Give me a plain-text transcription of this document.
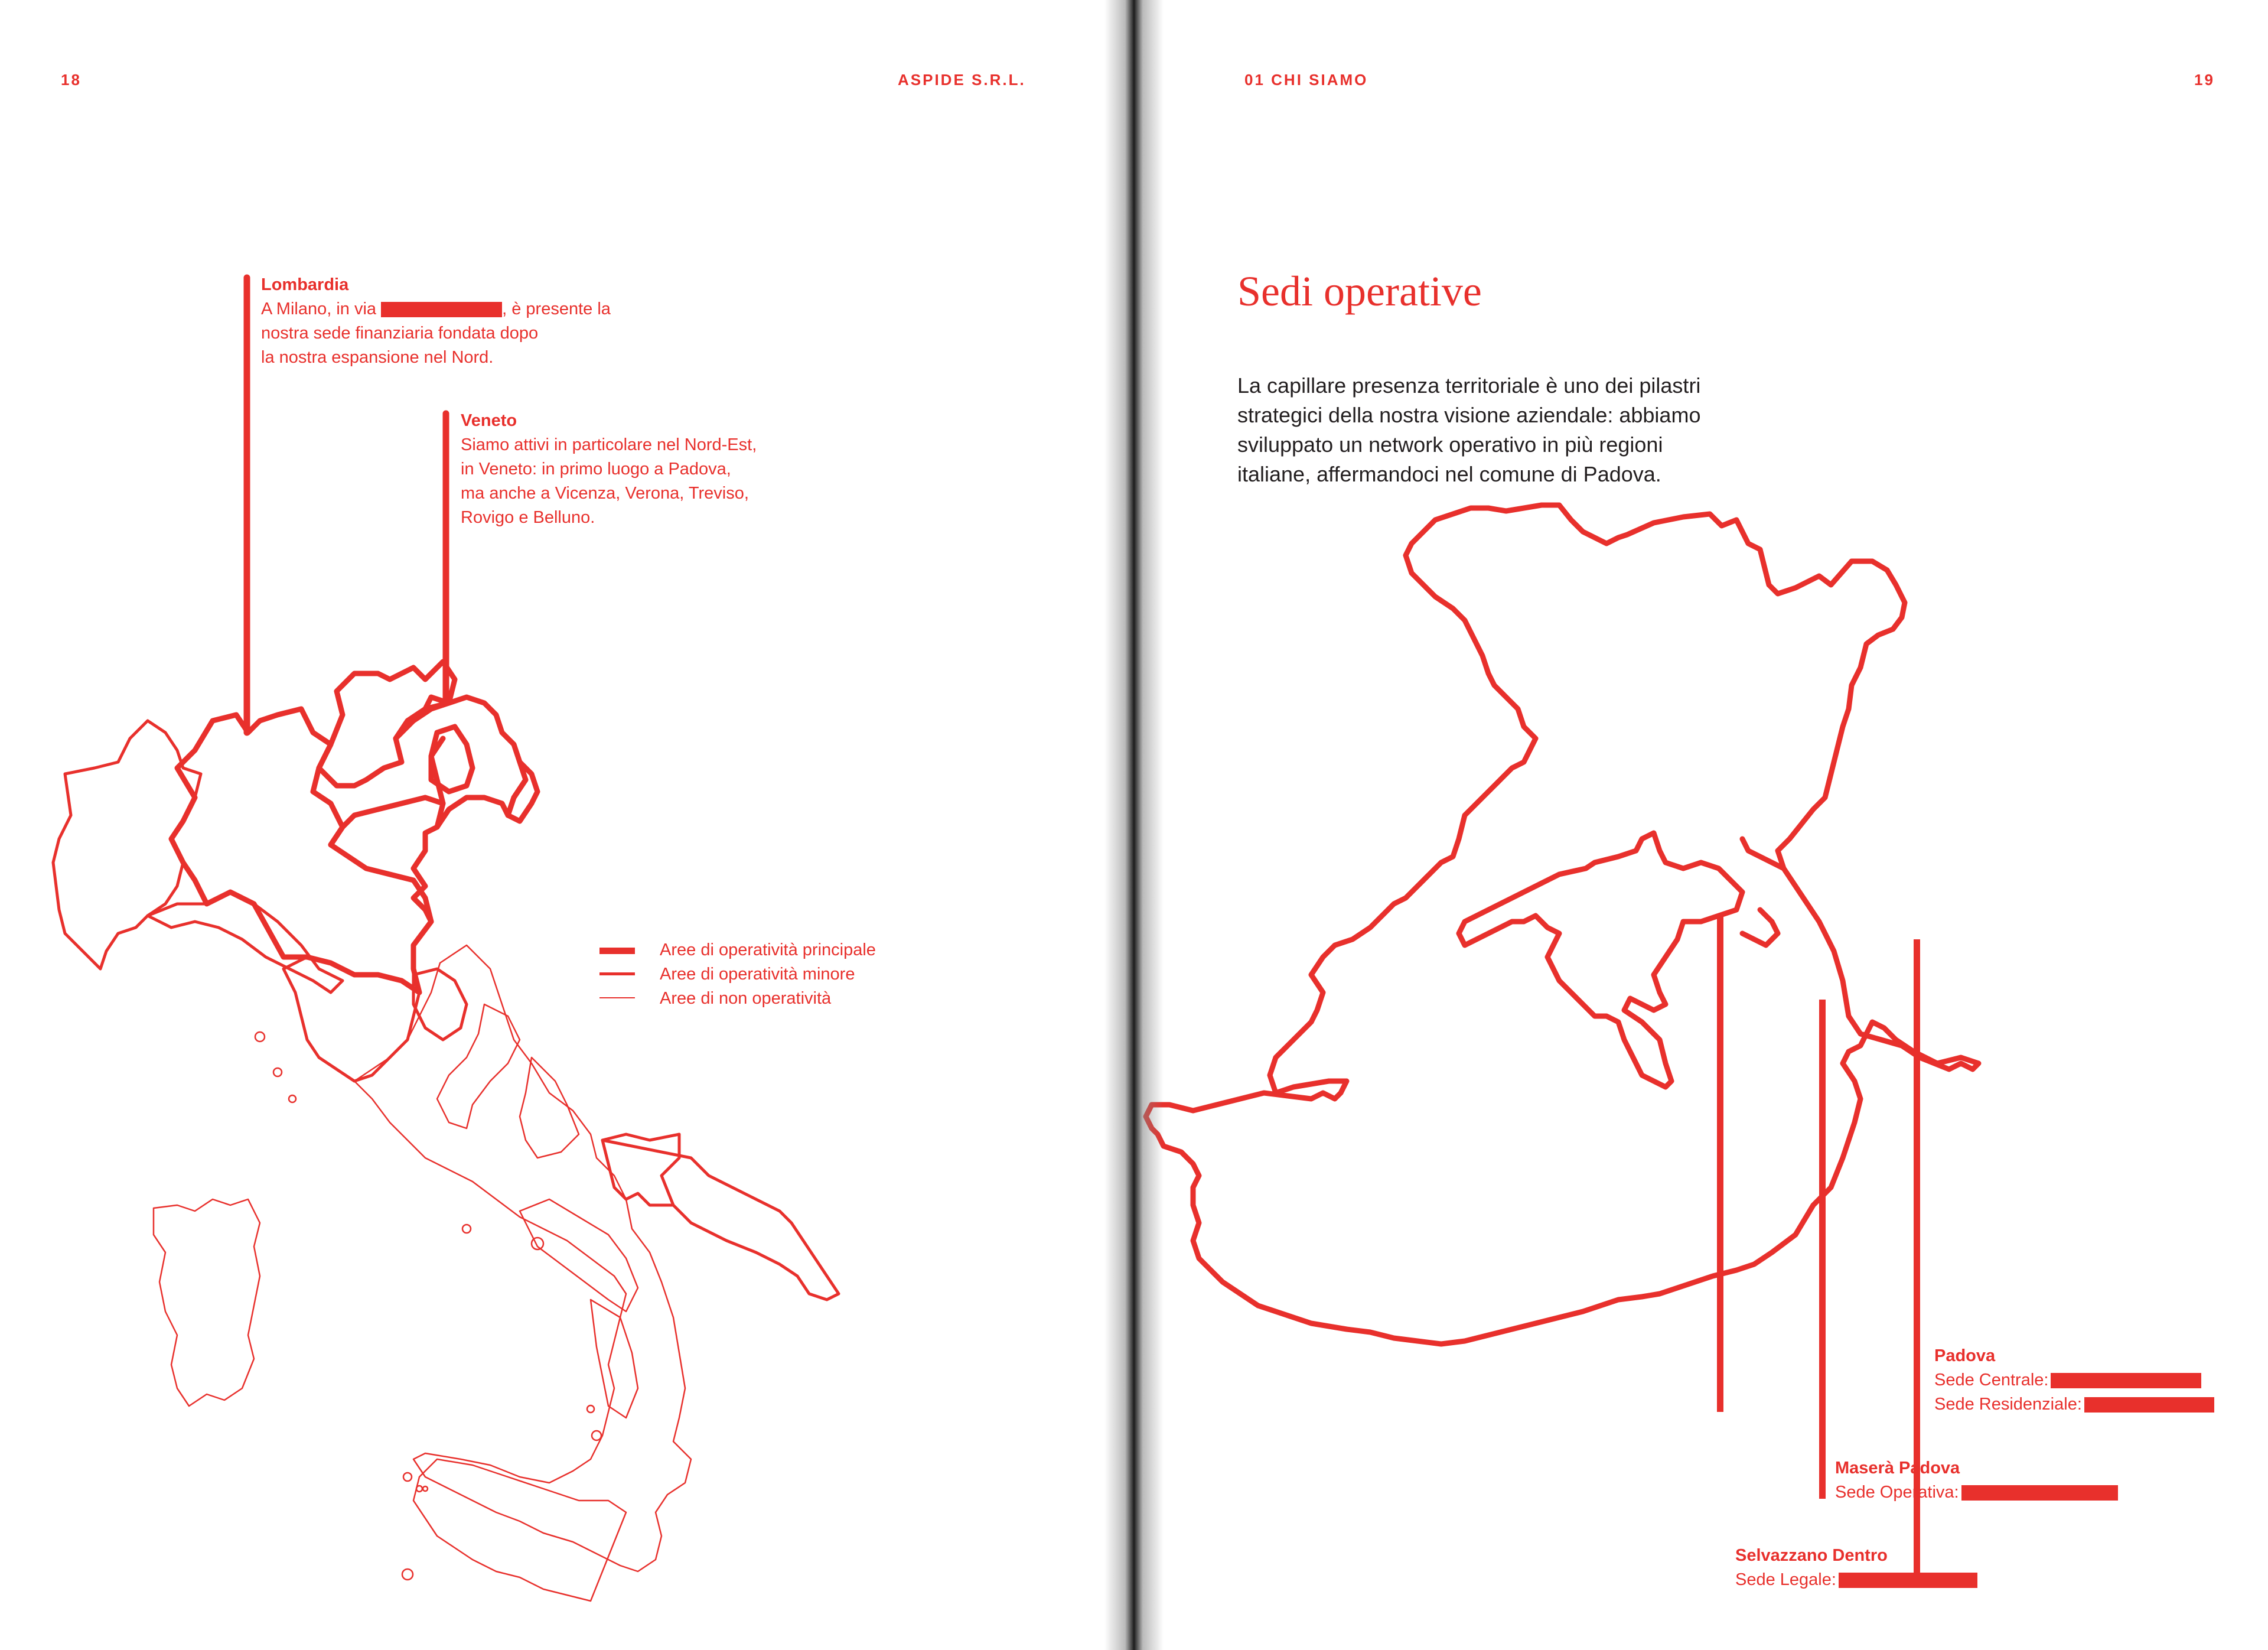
18	ASPIDE S.R.L.
Lombardia
A Milano, in via	, è presente la
nostra sede finanziaria fondata dopo
la nostra espansione nel Nord.
Veneto
Siamo attivi in particolare nel Nord-Est,
in Veneto: in primo luogo a Padova,
ma anche a Vicenza, Verona, Treviso,
Rovigo e Belluno.
Aree di operatività principale
Aree di operatività minore
Aree di non operatività
01 CHI SIAMO	19
Sedi operative
La capillare presenza territoriale è uno dei pilastri
strategici della nostra visione aziendale: abbiamo
sviluppato un network operativo in più regioni
italiane, affermandoci nel comune di Padova.
Padova
Sede Centrale:
Sede Residenziale:
Maserà Padova
Sede Operativa:
Selvazzano Dentro
Sede Legale:
